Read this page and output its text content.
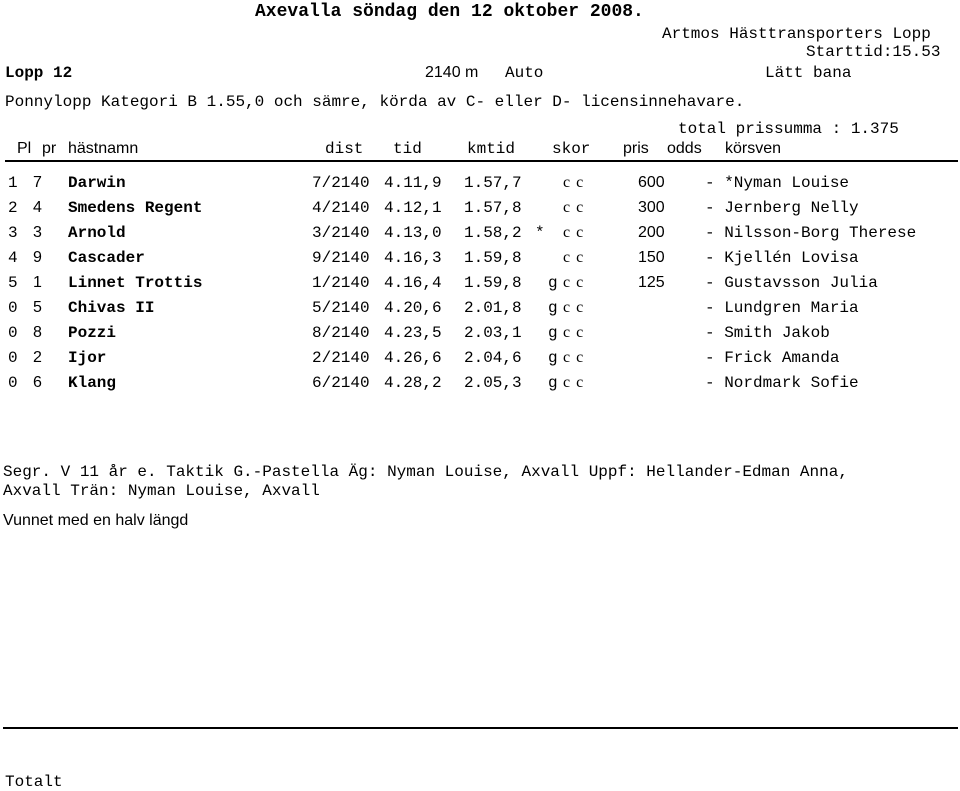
Axevalla söndag den 12 oktober 2008.
Artmos Hästtransporters Lopp
Starttid:15.53
Lopp 12	2140 m Auto	Lätt bana
Ponnylopp Kategori B 1.55,0 och sämre, körda av C- eller D- licensinnehavare.
total prissumma : 1.375
Pl pr hästnamn	dist tid	kmtid skor pris odds körsven
1 7 Darwin	7/2140 4.11,9 1.57,7	c c	600	- *Nyman Louise
2 4 Smedens Regent	4/2140 4.12,1 1.57,8	c c	300	- Jernberg Nelly
3 3 Arnold	3/2140 4.13,0 1.58,2 * c c	200	- Nilsson-Borg Therese
4 9 Cascader	9/2140 4.16,3 1.59,8	c c	150	- Kjellén Lovisa
5 1 Linnet Trottis	1/2140 4.16,4 1.59,8 g c c	125	- Gustavsson Julia
0 5 Chivas II	5/2140 4.20,6 2.01,8 g c c	- Lundgren Maria
0 8 Pozzi	8/2140 4.23,5 2.03,1 g c c	- Smith Jakob
0 2 Ijor	2/2140 4.26,6 2.04,6 g c c	- Frick Amanda
0 6 Klang	6/2140 4.28,2 2.05,3 g c c	- Nordmark Sofie
Segr. V 11 år e. Taktik G.-Pastella Äg: Nyman Louise, Axvall Uppf: Hellander-Edman Anna,
Axvall Trän: Nyman Louise, Axvall
Vunnet med en halv längd
Totalt
